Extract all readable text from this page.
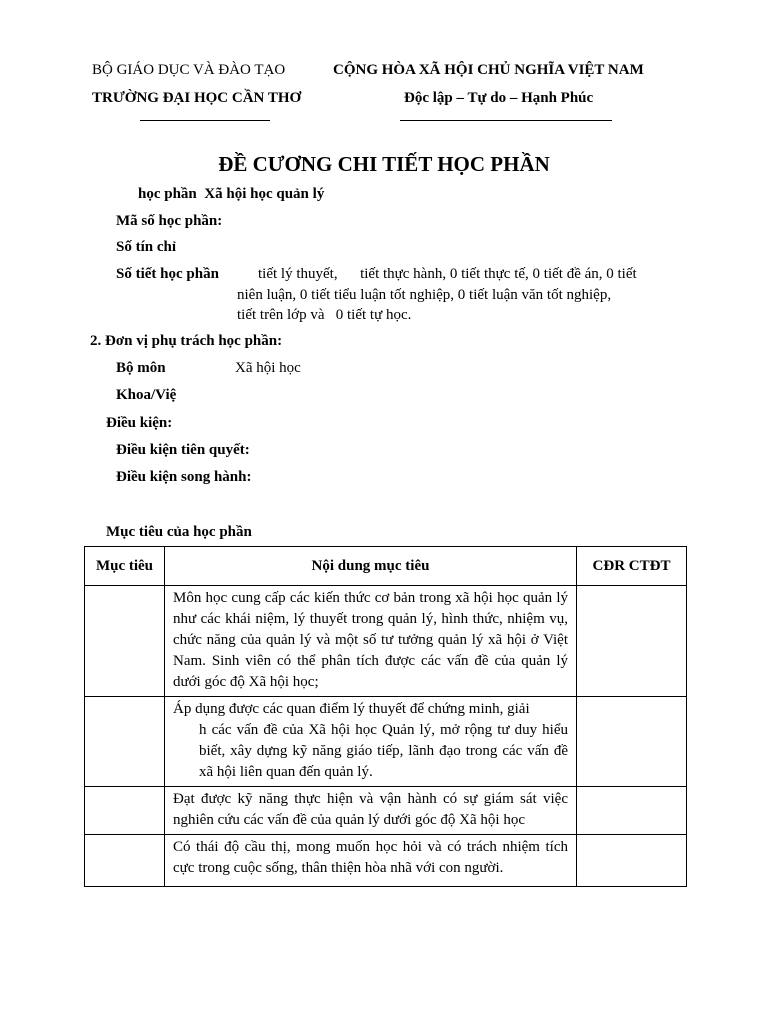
BỘ GIÁO DỤC VÀ ĐÀO TẠO
TRƯỜNG ĐẠI HỌC CẦN THƠ
CỘNG HÒA XÃ HỘI CHỦ NGHĨA VIỆT NAM
Độc lập – Tự do – Hạnh Phúc
ĐỀ CƯƠNG CHI TIẾT HỌC PHẦN
học phần Xã hội học quản lý
Mã số học phần:
Số tín chỉ
Số tiết học phần	tiết lý thuyết,      tiết thực hành, 0 tiết thực tế, 0 tiết đề án, 0 tiết
niên luận, 0 tiết tiểu luận tốt nghiệp, 0 tiết luận văn tốt nghiệp,
tiết trên lớp và   0 tiết tự học.
2. Đơn vị phụ trách học phần:
Bộ môn	Xã hội học
Khoa/Việ
Điều kiện:
Điều kiện tiên quyết:
Điều kiện song hành:
Mục tiêu của học phần
Mục tiêu	Nội dung mục tiêu	CĐR CTĐT
	Môn học cung cấp các kiến thức cơ bản trong xã hội học quản lý như các khái niệm, lý thuyết trong quản lý, hình thức, nhiệm vụ, chức năng của quản lý và một số tư tưởng quản lý xã hội ở Việt Nam. Sinh viên có thể phân tích được các vấn đề của quản lý dưới góc độ Xã hội học;	

	Áp dụng được các quan điểm lý thuyết để chứng minh, giải
h các vấn đề của Xã hội học Quản lý, mở rộng tư duy hiểu biết, xây dựng kỹ năng giáo tiếp, lãnh đạo trong các vấn đề xã hội liên quan đến quản lý.	

	Đạt được kỹ năng thực hiện và vận hành có sự giám sát việc nghiên cứu các vấn đề của quản lý dưới góc độ Xã hội học	
	Có thái độ cầu thị, mong muốn học hỏi và có trách nhiệm tích cực trong cuộc sống, thân thiện hòa nhã với con người.	
